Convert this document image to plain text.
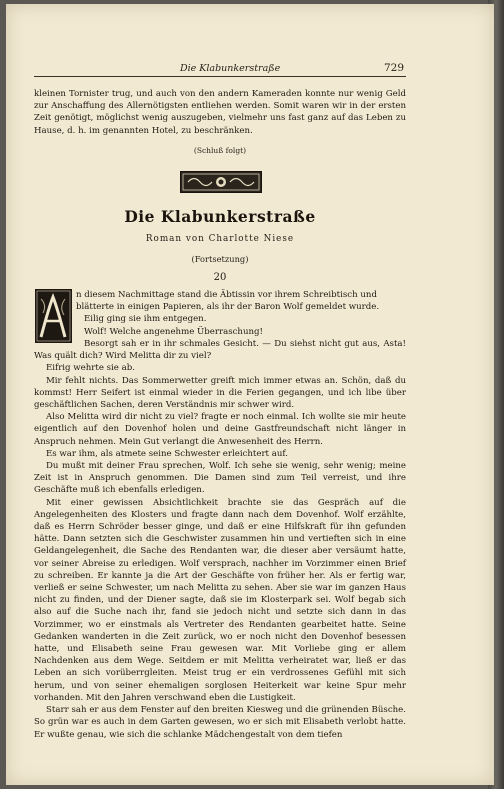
Die Klabunkerstraße	729

kleinen Tornister trug, und auch von den andern Kameraden konnte nur wenig Geld zur Anschaffung des Allernötigsten entliehen werden. Somit waren wir in der ersten Zeit genötigt, möglichst wenig auszugeben, vielmehr uns fast ganz auf das Leben zu Hause, d. h. im genannten Hotel, zu beschränken.

(Schluß folgt)
Die Klabunkerstraße
Roman von Charlotte Niese
(Fortsetzung)
20
A

n diesem Nachmittage stand die Äbtissin vor ihrem Schreibtisch und

blätterte in einigen Papieren, als ihr der Baron Wolf gemeldet wurde.

Eilig ging sie ihm entgegen.

Wolf! Welche angenehme Überraschung!

Besorgt sah er in ihr schmales Gesicht. — Du siehst nicht gut aus, Asta! Was quält dich? Wird Melitta dir zu viel?

Eifrig wehrte sie ab.

Mir fehlt nichts. Das Sommerwetter greift mich immer etwas an. Schön, daß du kommst! Herr Seifert ist einmal wieder in die Ferien gegangen, und ich libe über geschäftlichen Sachen, deren Verständnis mir schwer wird.

Also Melitta wird dir nicht zu viel? fragte er noch einmal. Ich wollte sie mir heute eigentlich auf den Dovenhof holen und deine Gastfreundschaft nicht länger in Anspruch nehmen. Mein Gut verlangt die Anwesenheit des Herrn.

Es war ihm, als atmete seine Schwester erleichtert auf.

Du mußt mit deiner Frau sprechen, Wolf. Ich sehe sie wenig, sehr wenig; meine Zeit ist in Anspruch genommen. Die Damen sind zum Teil verreist, und ihre Geschäfte muß ich ebenfalls erledigen.

Mit einer gewissen Absichtlichkeit brachte sie das Gespräch auf die Angelegenheiten des Klosters und fragte dann nach dem Dovenhof. Wolf erzählte, daß es Herrn Schröder besser ginge, und daß er eine Hilfskraft für ihn gefunden hätte. Dann setzten sich die Geschwister zusammen hin und vertieften sich in eine Geldangelegenheit, die Sache des Rendanten war, die dieser aber versäumt hatte, vor seiner Abreise zu erledigen. Wolf versprach, nachher im Vorzimmer einen Brief zu schreiben. Er kannte ja die Art der Geschäfte von früher her. Als er fertig war, verließ er seine Schwester, um nach Melitta zu sehen. Aber sie war im ganzen Haus nicht zu finden, und der Diener sagte, daß sie im Klosterpark sei. Wolf begab sich also auf die Suche nach ihr, fand sie jedoch nicht und setzte sich dann in das Vorzimmer, wo er einstmals als Vertreter des Rendanten gearbeitet hatte. Seine Gedanken wanderten in die Zeit zurück, wo er noch nicht den Dovenhof besessen hatte, und Elisabeth seine Frau gewesen war. Mit Vorliebe ging er allem Nachdenken aus dem Wege. Seitdem er mit Melitta verheiratet war, ließ er das Leben an sich vorüberrgleiten. Meist trug er ein verdrossenes Gefühl mit sich herum, und von seiner ehemaligen sorglosen Heiterkeit war keine Spur mehr vorhanden. Mit den Jahren verschwand eben die Lustigkeit.

Starr sah er aus dem Fenster auf den breiten Kiesweg und die grünenden Büsche. So grün war es auch in dem Garten gewesen, wo er sich mit Elisabeth verlobt hatte. Er wußte genau, wie sich die schlanke Mädchengestalt von dem tiefen
